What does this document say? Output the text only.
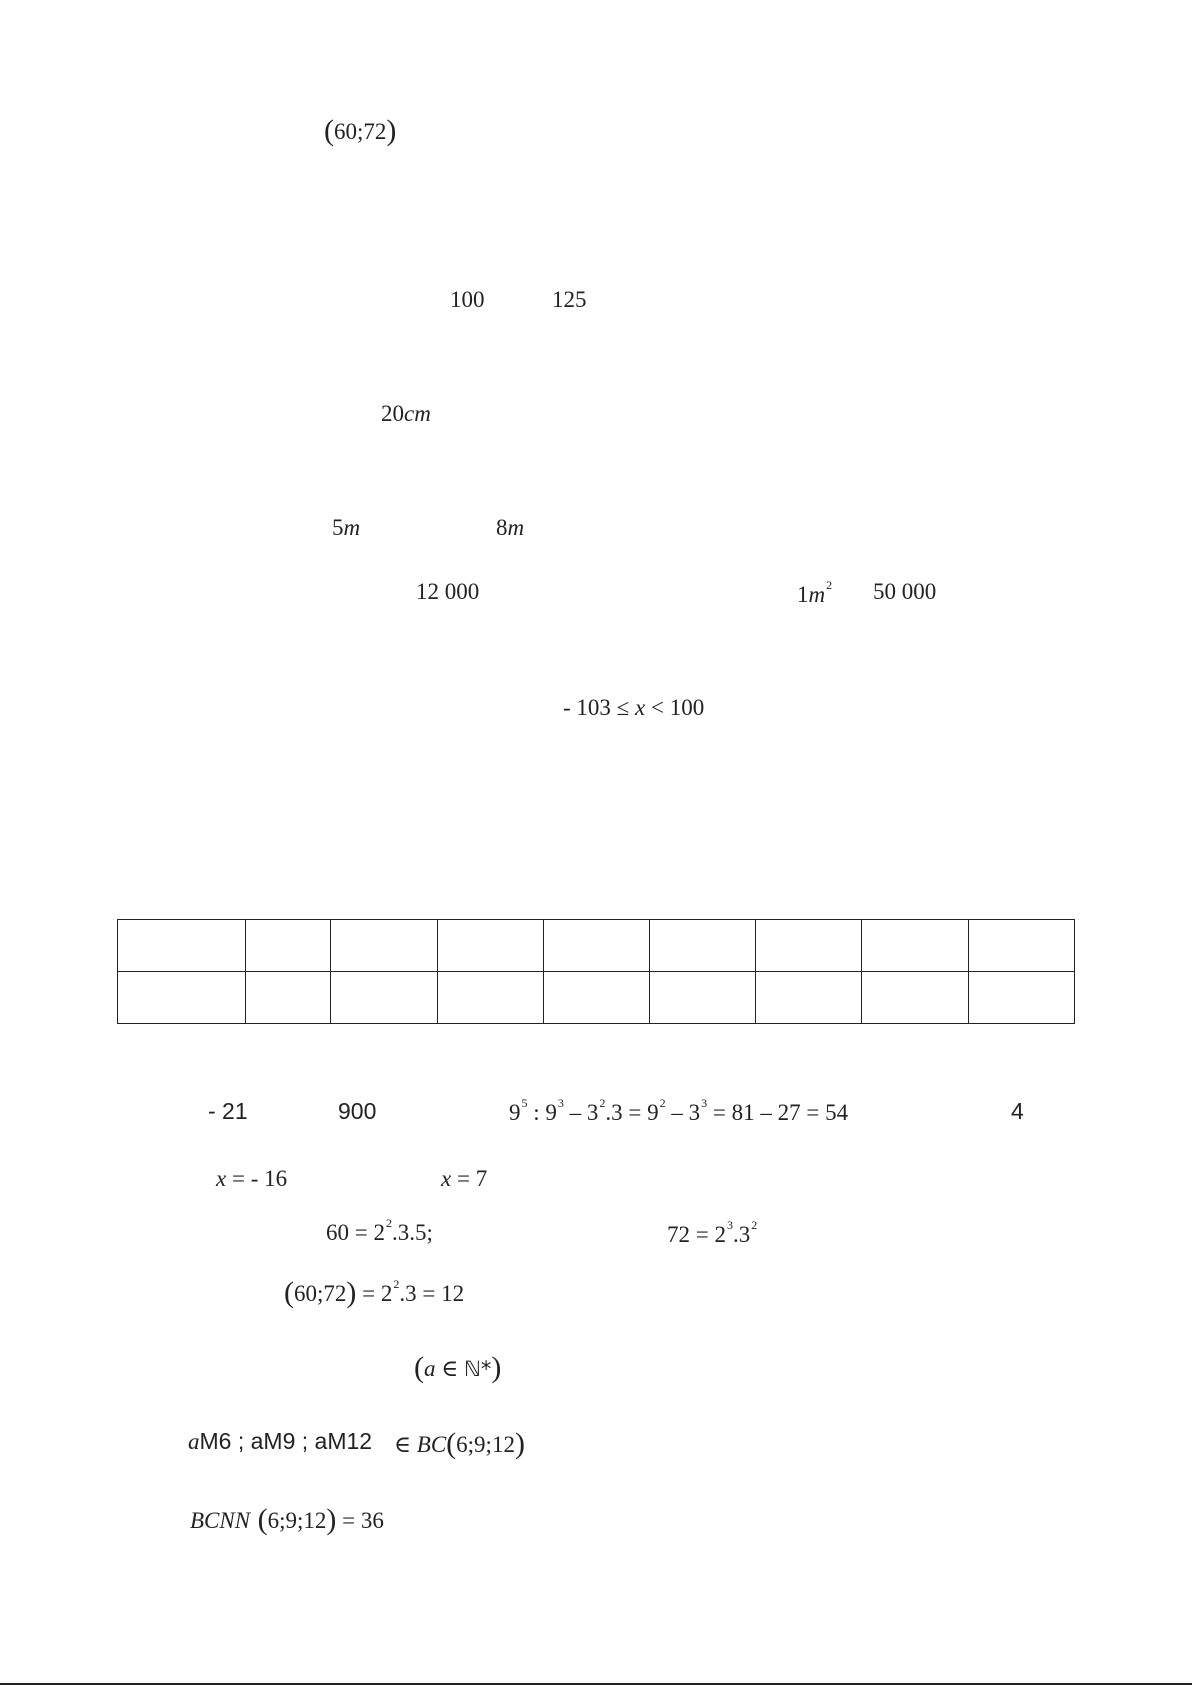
(60;72)
100	125
20cm
5m	8m
12 000	$1m^2$ 50 000
- 103 ≤ x < 100

- 21	900	$9^5$ : $9^3 - 3^2.3 = 9^2 - 3^3 = 81 - 27 = 54$	4
x = - 16	x = 7
$60 = 2^2.3.5$;	$72 = 2^3.3^2$
(60;72) = $2^2.3 = 12$
(a ∈ ℕ*)
aM6 ; aM9 ; aM12 ∈ BC(6;9;12)
BCNN (6;9;12) = 36
